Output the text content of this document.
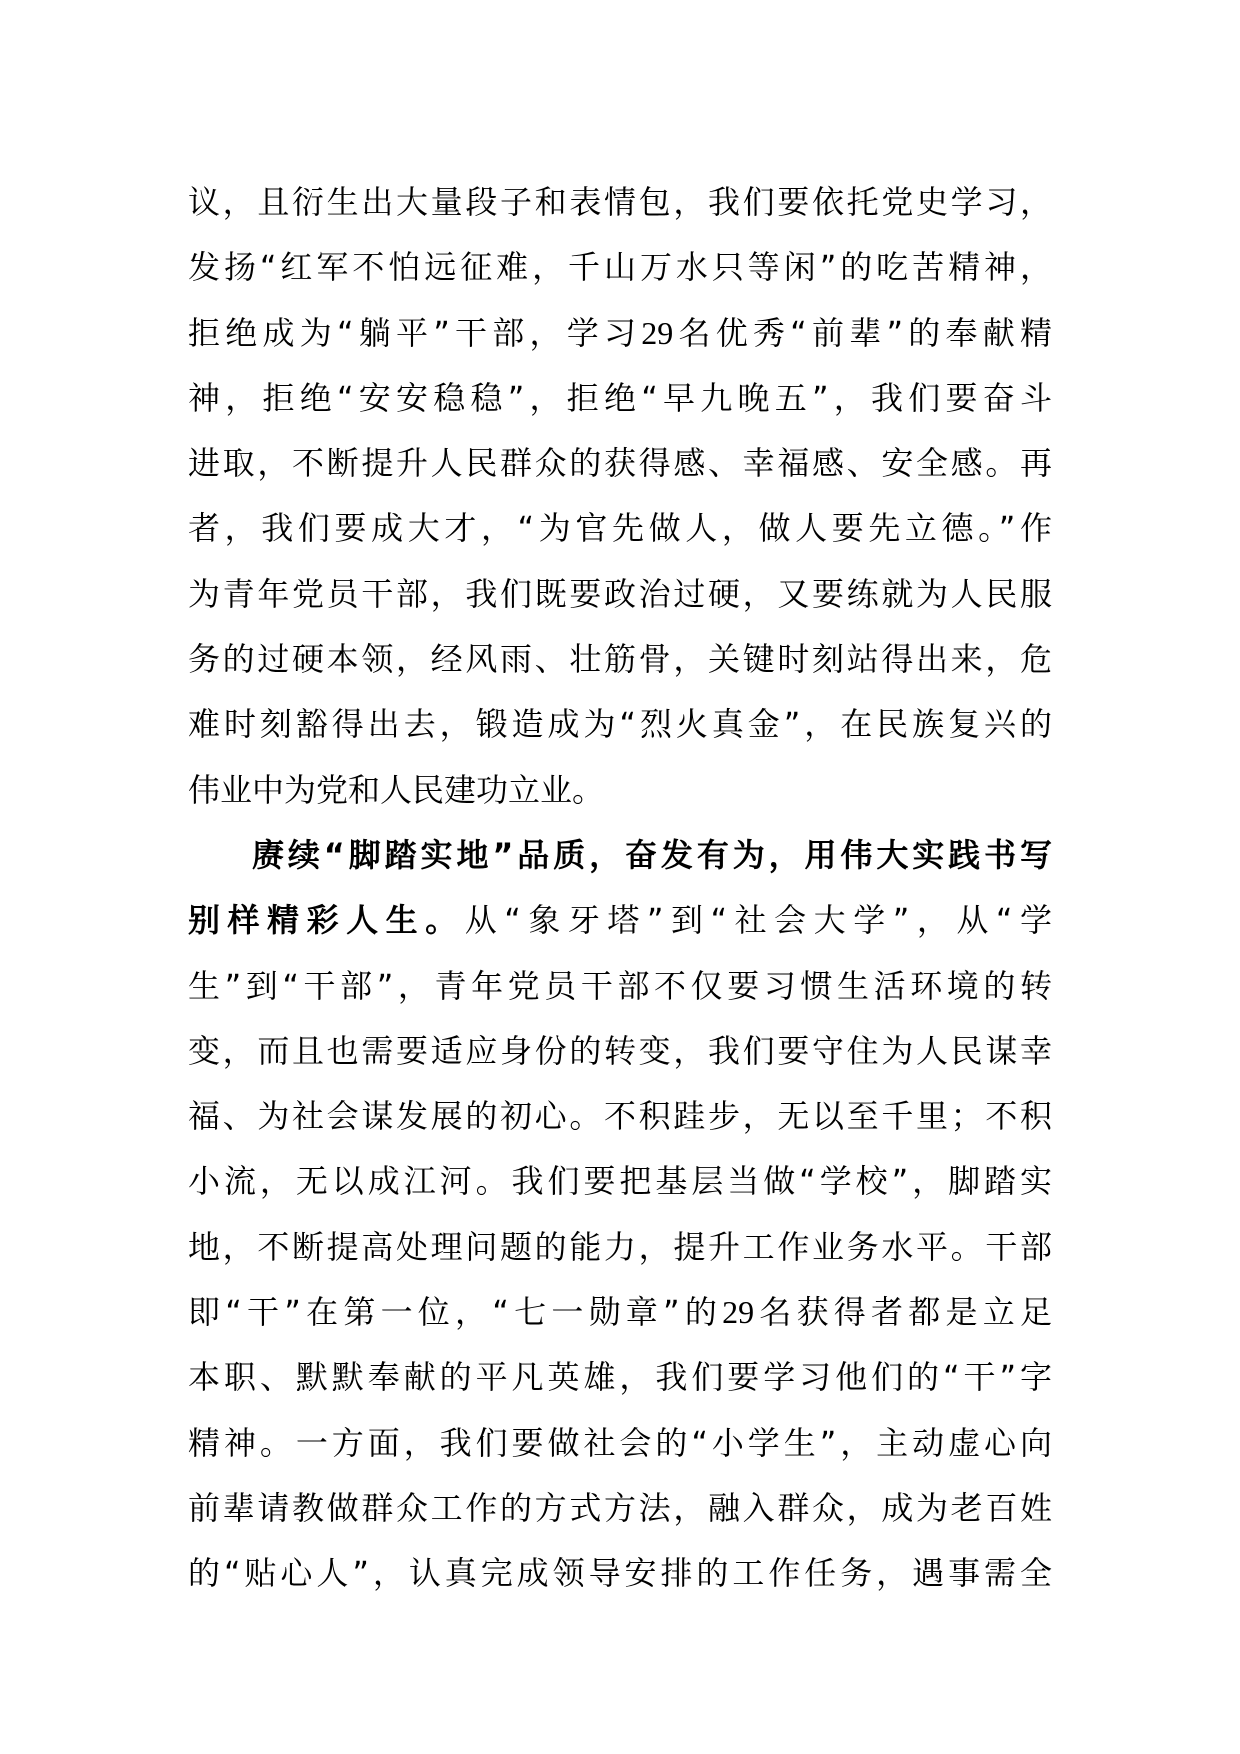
议，且衍生出大量段子和表情包，我们要依托党史学习，
发扬“红军不怕远征难，千山万水只等闲”的吃苦精神，
拒绝成为“躺平”干部，学习29名优秀“前辈”的奉献精
神，拒绝“安安稳稳”，拒绝“早九晚五”，我们要奋斗
进取，不断提升人民群众的获得感、幸福感、安全感。再
者，我们要成大才，“为官先做人，做人要先立德。”作
为青年党员干部，我们既要政治过硬，又要练就为人民服
务的过硬本领，经风雨、壮筋骨，关键时刻站得出来，危
难时刻豁得出去，锻造成为“烈火真金”，在民族复兴的
伟业中为党和人民建功立业。
赓续“脚踏实地”品质，奋发有为，用伟大实践书写
别样精彩人生。从“象牙塔”到“社会大学”，从“学
生”到“干部”，青年党员干部不仅要习惯生活环境的转
变，而且也需要适应身份的转变，我们要守住为人民谋幸
福、为社会谋发展的初心。不积跬步，无以至千里；不积
小流，无以成江河。我们要把基层当做“学校”，脚踏实
地，不断提高处理问题的能力，提升工作业务水平。干部
即“干”在第一位，“七一勋章”的29名获得者都是立足
本职、默默奉献的平凡英雄，我们要学习他们的“干”字
精神。一方面，我们要做社会的“小学生”，主动虚心向
前辈请教做群众工作的方式方法，融入群众，成为老百姓
的“贴心人”，认真完成领导安排的工作任务，遇事需全
